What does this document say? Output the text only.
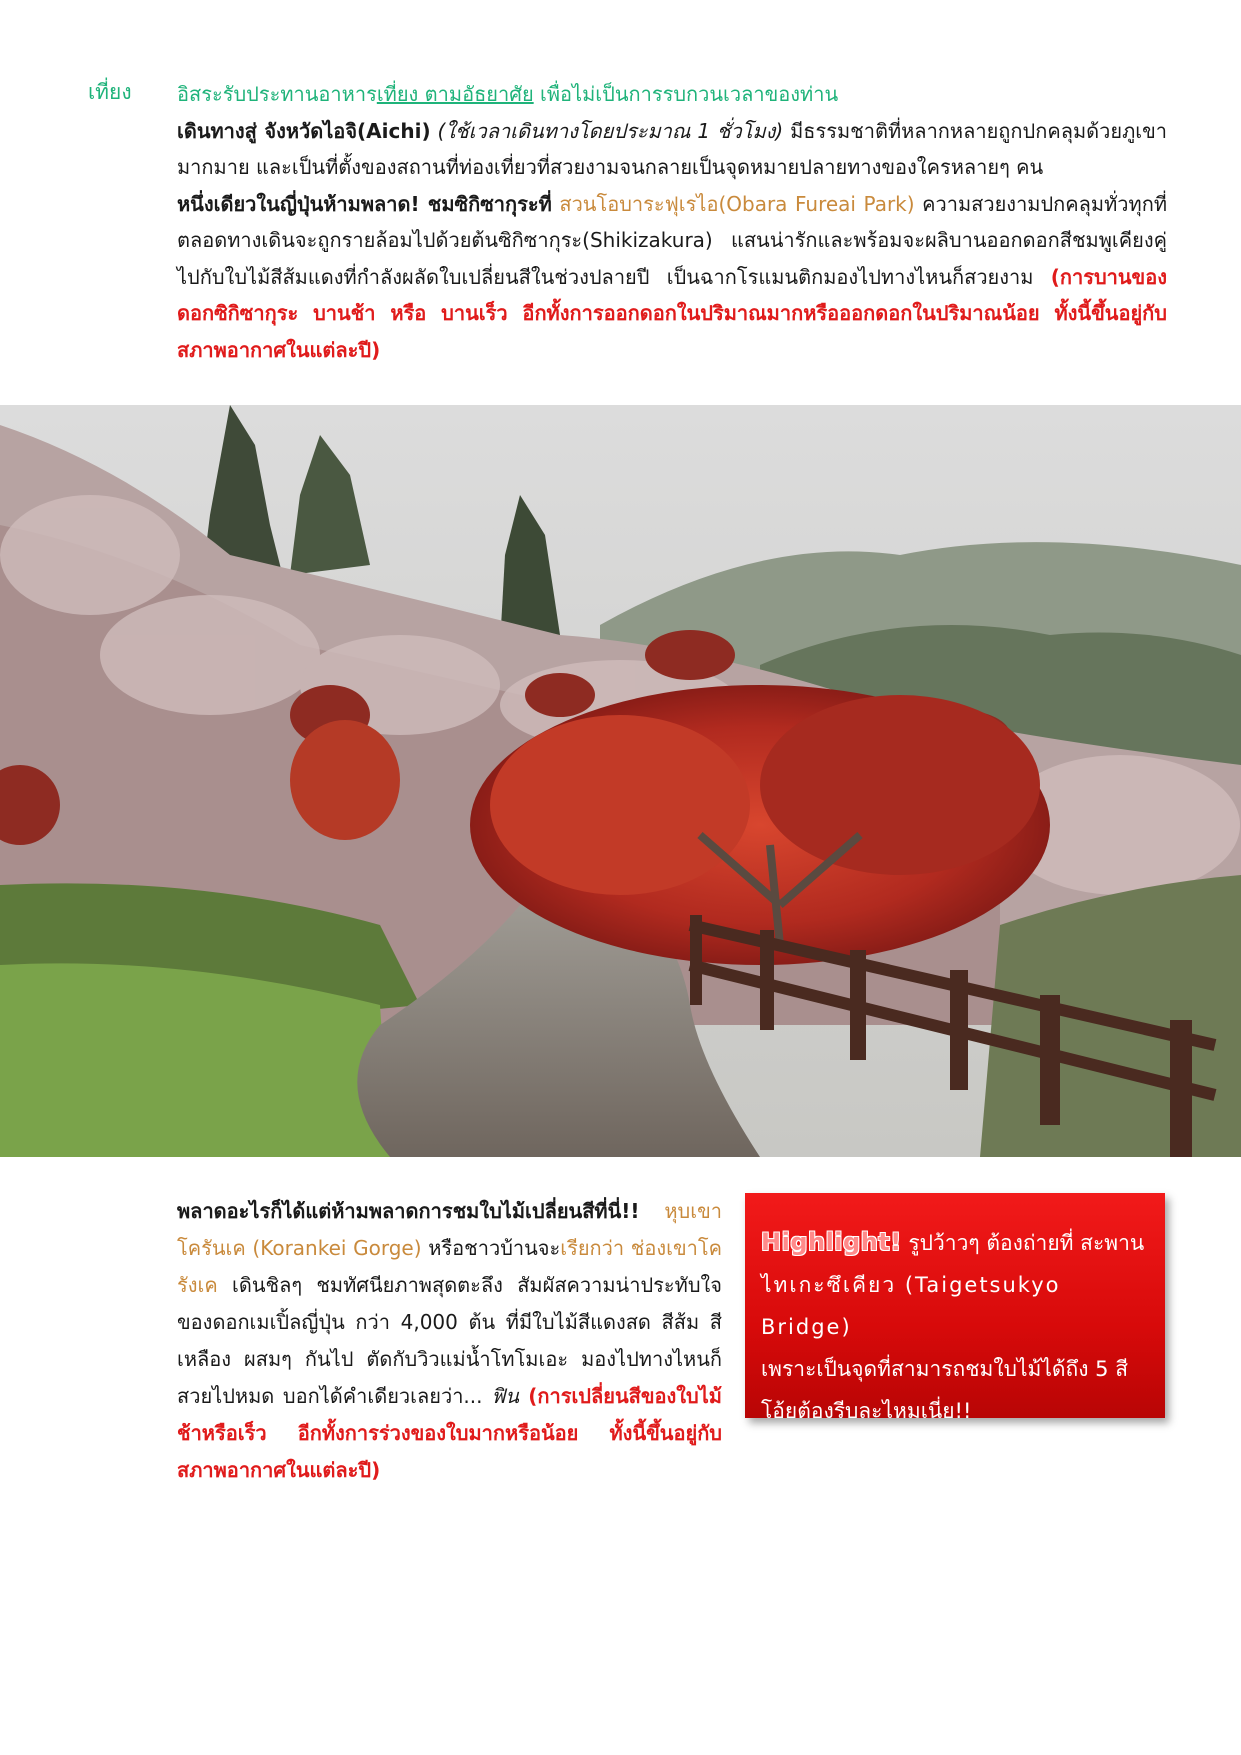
เที่ยง อิสระรับประทานอาหารเที่ยง ตามอัธยาศัย เพื่อไม่เป็นการรบกวนเวลาของท่าน

เดินทางสู่ จังหวัดไอจิ(Aichi) (ใช้เวลาเดินทางโดยประมาณ 1 ชั่วโมง) มีธรรมชาติที่หลากหลายถูกปกคลุมด้วยภูเขามากมาย และเป็นที่ตั้งของสถานที่ท่องเที่ยวที่สวยงามจนกลายเป็นจุดหมายปลายทางของใครหลายๆ คน

หนึ่งเดียวในญี่ปุ่นห้ามพลาด! ชมซิกิซากุระที่ สวนโอบาระฟุเรไอ(Obara Fureai Park) ความสวยงามปกคลุมทั่วทุกที่ ตลอดทางเดินจะถูกรายล้อมไปด้วยต้นซิกิซากุระ(Shikizakura) แสนน่ารักและพร้อมจะผลิบานออกดอกสีชมพูเคียงคู่ไปกับใบไม้สีส้มแดงที่กำลังผลัดใบเปลี่ยนสีในช่วงปลายปี เป็นฉากโรแมนติกมองไปทางไหนก็สวยงาม (การบานของดอกซิกิซากุระ บานช้า หรือ บานเร็ว อีกทั้งการออกดอกในปริมาณมากหรือออกดอกในปริมาณน้อย ทั้งนี้ขึ้นอยู่กับสภาพอากาศในแต่ละปี)

พลาดอะไรก็ได้แต่ห้ามพลาดการชมใบไม้เปลี่ยนสีที่นี่!! หุบเขาโครันเค (Korankei Gorge) หรือชาวบ้านจะเรียกว่า ช่องเขาโครังเค เดินชิลๆ ชมทัศนียภาพสุดตะลึง สัมผัสความน่าประทับใจของดอกเมเปิ้ลญี่ปุ่น กว่า 4,000 ต้น ที่มีใบไม้สีแดงสด สีส้ม สีเหลือง ผสมๆ กันไป ตัดกับวิวแม่น้ำโทโมเอะ มองไปทางไหนก็สวยไปหมด บอกได้คำเดียวเลยว่า... ฟิน (การเปลี่ยนสีของใบไม้ ช้าหรือเร็ว อีกทั้งการร่วงของใบมากหรือน้อย ทั้งนี้ขึ้นอยู่กับสภาพอากาศในแต่ละปี)

Highlight! รูปว้าวๆ ต้องถ่ายที่ สะพาน

ไทเกะซึเคียว (Taigetsukyo Bridge)

เพราะเป็นจุดที่สามารถชมใบไม้ได้ถึง 5 สี

โอ้ยต้องรีบละไหมเนี่ย!!
